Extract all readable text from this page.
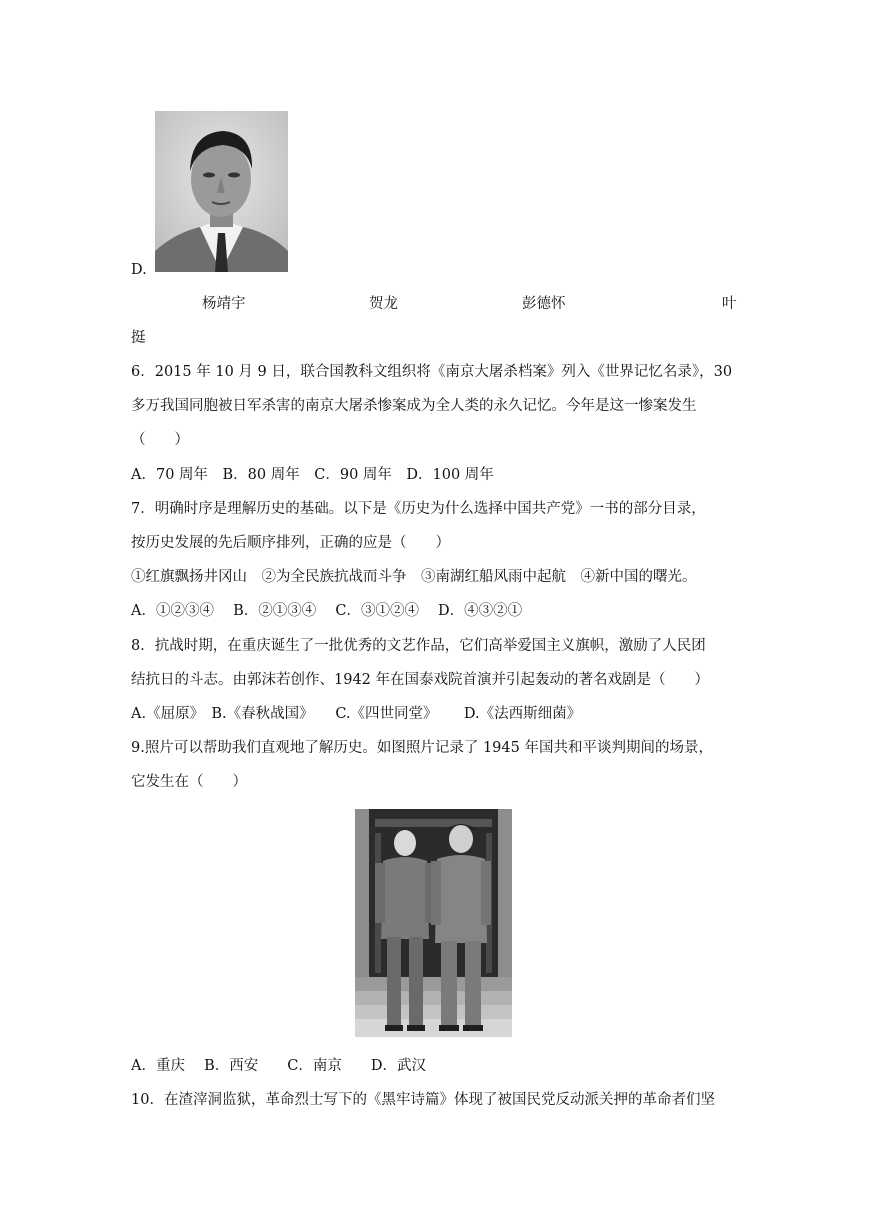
D.
杨靖宇	贺龙	彭德怀	叶
挺
6．2015 年 10 月 9 日，联合国教科文组织将《南京大屠杀档案》列入《世界记忆名录》，30
多万我国同胞被日军杀害的南京大屠杀惨案成为全人类的永久记忆。今年是这一惨案发生
（　　）
A．70 周年　B．80 周年　C．90 周年　D．100 周年
7．明确时序是理解历史的基础。以下是《历史为什么选择中国共产党》一书的部分目录，
按历史发展的先后顺序排列，正确的应是（　　）
①红旗飘扬井冈山　②为全民族抗战而斗争　③南湖红船风雨中起航　④新中国的曙光。
A．①②③④　 B．②①③④　 C．③①②④　 D．④③②①
8．抗战时期，在重庆诞生了一批优秀的文艺作品，它们高举爱国主义旗帜，激励了人民团
结抗日的斗志。由郭沫若创作、1942 年在国泰戏院首演并引起轰动的著名戏剧是（　　）
A.《屈原》　B.《春秋战国》　　C.《四世同堂》　　 D.《法西斯细菌》
9.照片可以帮助我们直观地了解历史。如图照片记录了 1945 年国共和平谈判期间的场景，
它发生在（　　）
A．重庆　 B．西安　　C．南京　　D．武汉
10．在渣滓洞监狱，革命烈士写下的《黑牢诗篇》体现了被国民党反动派关押的革命者们坚
